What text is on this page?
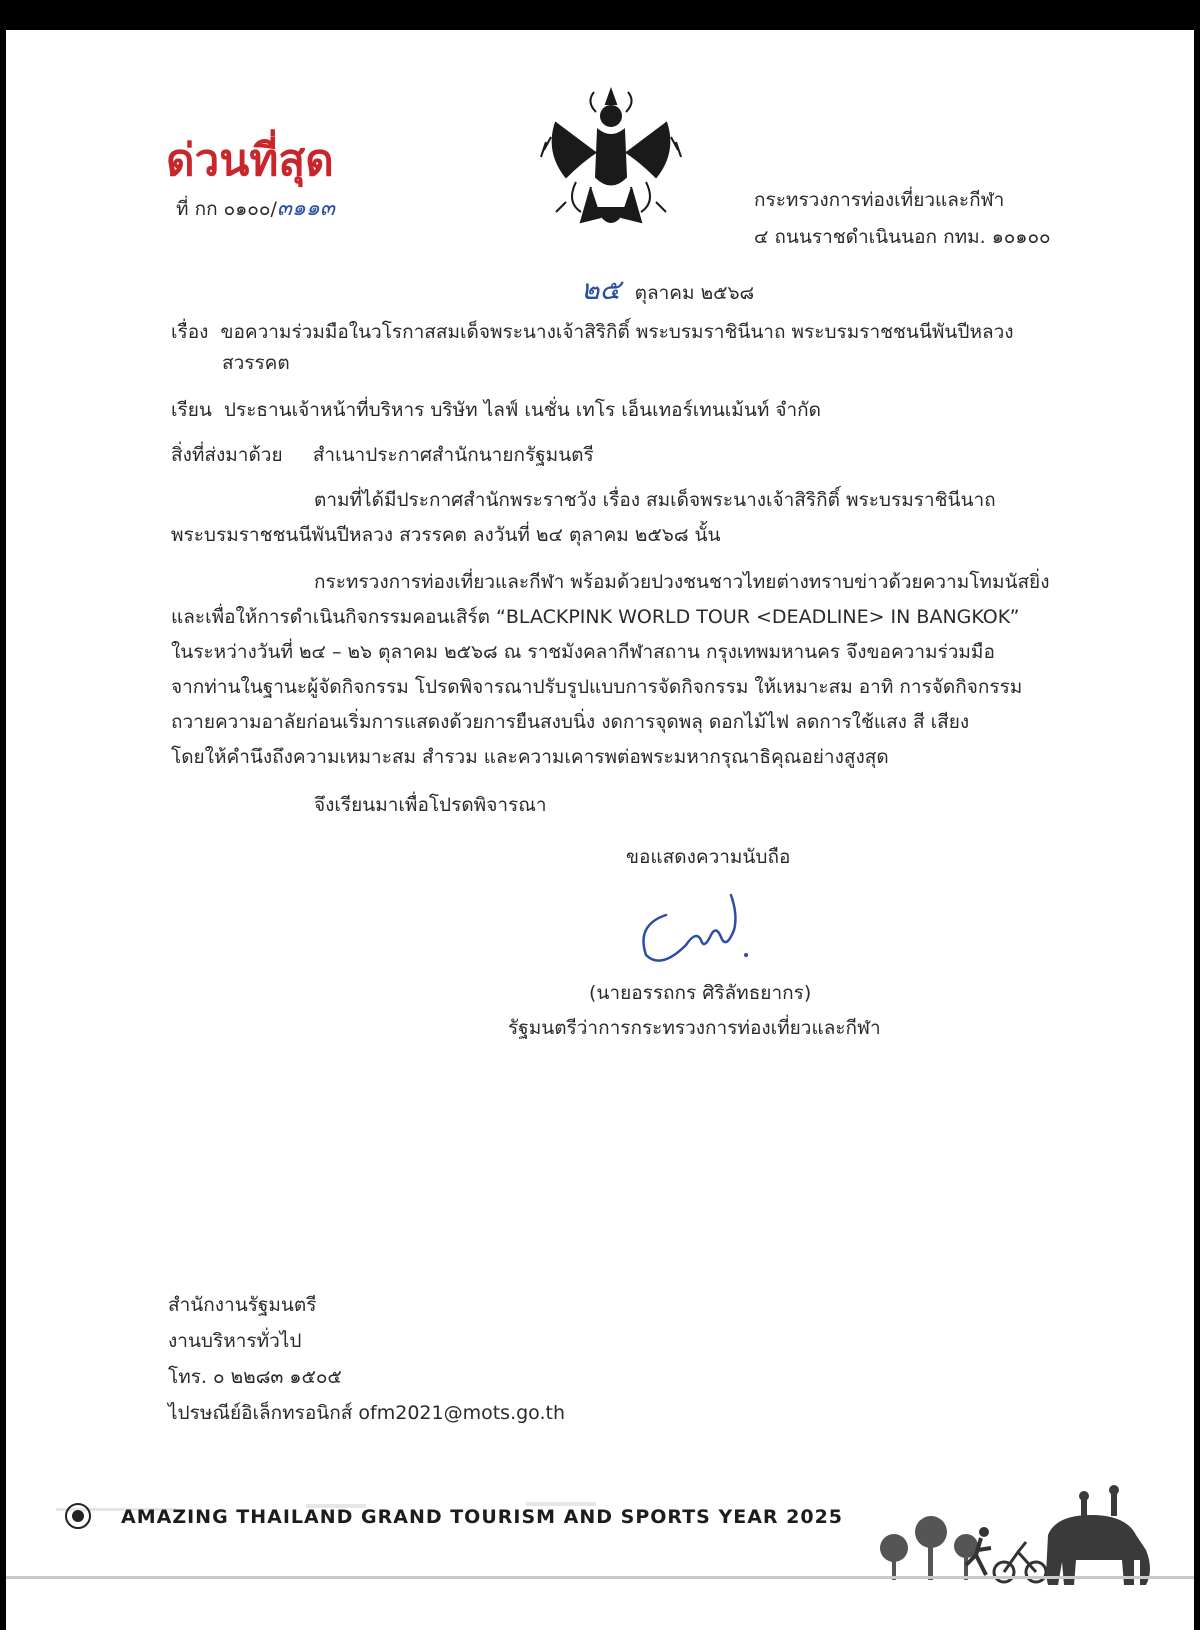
ด่วนที่สุด
ที่ กก ๐๑๐๐/๓๑๑๓	กระทรวงการท่องเที่ยวและกีฬา
๔ ถนนราชดำเนินนอก กทม. ๑๐๑๐๐
๒๕ ตุลาคม ๒๕๖๘
เรื่อง ขอความร่วมมือในวโรกาสสมเด็จพระนางเจ้าสิริกิติ์ พระบรมราชินีนาถ พระบรมราชชนนีพันปีหลวง
สวรรคต
เรียน ประธานเจ้าหน้าที่บริหาร บริษัท ไลฟ์ เนชั่น เทโร เอ็นเทอร์เทนเม้นท์ จำกัด
สิ่งที่ส่งมาด้วย สำเนาประกาศสำนักนายกรัฐมนตรี
ตามที่ได้มีประกาศสำนักพระราชวัง เรื่อง สมเด็จพระนางเจ้าสิริกิติ์ พระบรมราชินีนาถ
พระบรมราชชนนีพันปีหลวง สวรรคต ลงวันที่ ๒๔ ตุลาคม ๒๕๖๘ นั้น
กระทรวงการท่องเที่ยวและกีฬา พร้อมด้วยปวงชนชาวไทยต่างทราบข่าวด้วยความโทมนัสยิ่ง
และเพื่อให้การดำเนินกิจกรรมคอนเสิร์ต “BLACKPINK WORLD TOUR <DEADLINE> IN BANGKOK”
ในระหว่างวันที่ ๒๔ – ๒๖ ตุลาคม ๒๕๖๘ ณ ราชมังคลากีฬาสถาน กรุงเทพมหานคร จึงขอความร่วมมือ
จากท่านในฐานะผู้จัดกิจกรรม โปรดพิจารณาปรับรูปแบบการจัดกิจกรรม ให้เหมาะสม อาทิ การจัดกิจกรรม
ถวายความอาลัยก่อนเริ่มการแสดงด้วยการยืนสงบนิ่ง งดการจุดพลุ ดอกไม้ไฟ ลดการใช้แสง สี เสียง
โดยให้คำนึงถึงความเหมาะสม สำรวม และความเคารพต่อพระมหากรุณาธิคุณอย่างสูงสุด
จึงเรียนมาเพื่อโปรดพิจารณา
ขอแสดงความนับถือ
(นายอรรถกร ศิริลัทธยากร)
รัฐมนตรีว่าการกระทรวงการท่องเที่ยวและกีฬา
สำนักงานรัฐมนตรี
งานบริหารทั่วไป
โทร. ๐ ๒๒๘๓ ๑๕๐๕
ไปรษณีย์อิเล็กทรอนิกส์ ofm2021@mots.go.th
AMAZING THAILAND GRAND TOURISM AND SPORTS YEAR 2025
